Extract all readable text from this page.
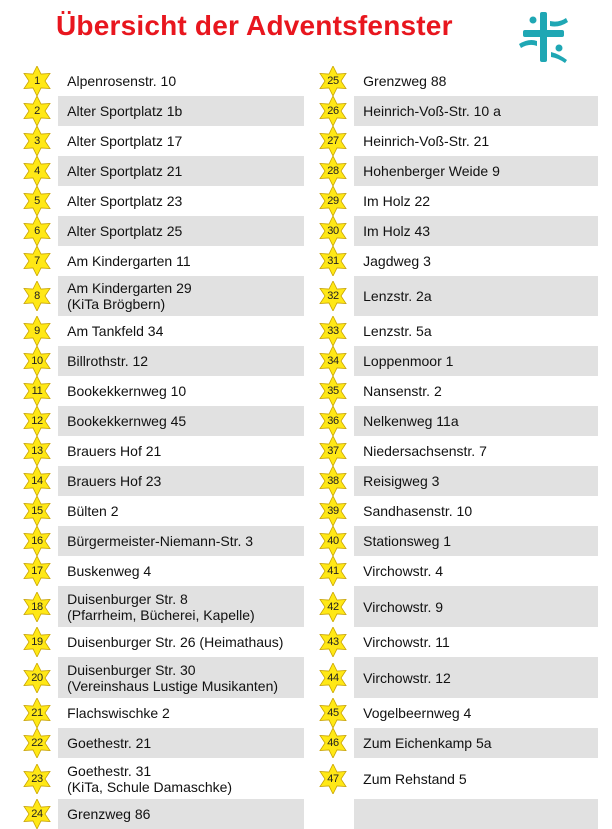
Übersicht der Adventsfenster
1	Alpenrosenstr. 10		25	Grenzweg 88

2	Alter Sportplatz 1b		26	Heinrich-Voß-Str. 10 a

3	Alter Sportplatz 17		27	Heinrich-Voß-Str. 21

4	Alter Sportplatz 21		28	Hohenberger Weide 9

5	Alter Sportplatz 23		29	Im Holz 22

6	Alter Sportplatz 25		30	Im Holz 43

7	Am Kindergarten 11		31	Jagdweg 3

8	Am Kindergarten 29
(KiTa Brögbern)		32	Lenzstr. 2a

9	Am Tankfeld 34		33	Lenzstr. 5a

10	Billrothstr. 12		34	Loppenmoor 1

11	Bookekkernweg 10		35	Nansenstr. 2

12	Bookekkernweg 45		36	Nelkenweg 11a

13	Brauers Hof 21		37	Niedersachsenstr. 7

14	Brauers Hof 23		38	Reisigweg 3

15	Bülten 2		39	Sandhasenstr. 10

16	Bürgermeister-Niemann-Str. 3		40	Stationsweg 1

17	Buskenweg 4		41	Virchowstr. 4

18	Duisenburger Str. 8
(Pfarrheim, Bücherei, Kapelle)		42	Virchowstr. 9

19	Duisenburger Str. 26 (Heimathaus)		43	Virchowstr. 11

20	Duisenburger Str. 30
(Vereinshaus Lustige Musikanten)		44	Virchowstr. 12

21	Flachswischke 2		45	Vogelbeernweg 4

22	Goethestr. 21		46	Zum Eichenkamp 5a

23	Goethestr. 31
(KiTa, Schule Damaschke)		47	Zum Rehstand 5

24	Grenzweg 86			
